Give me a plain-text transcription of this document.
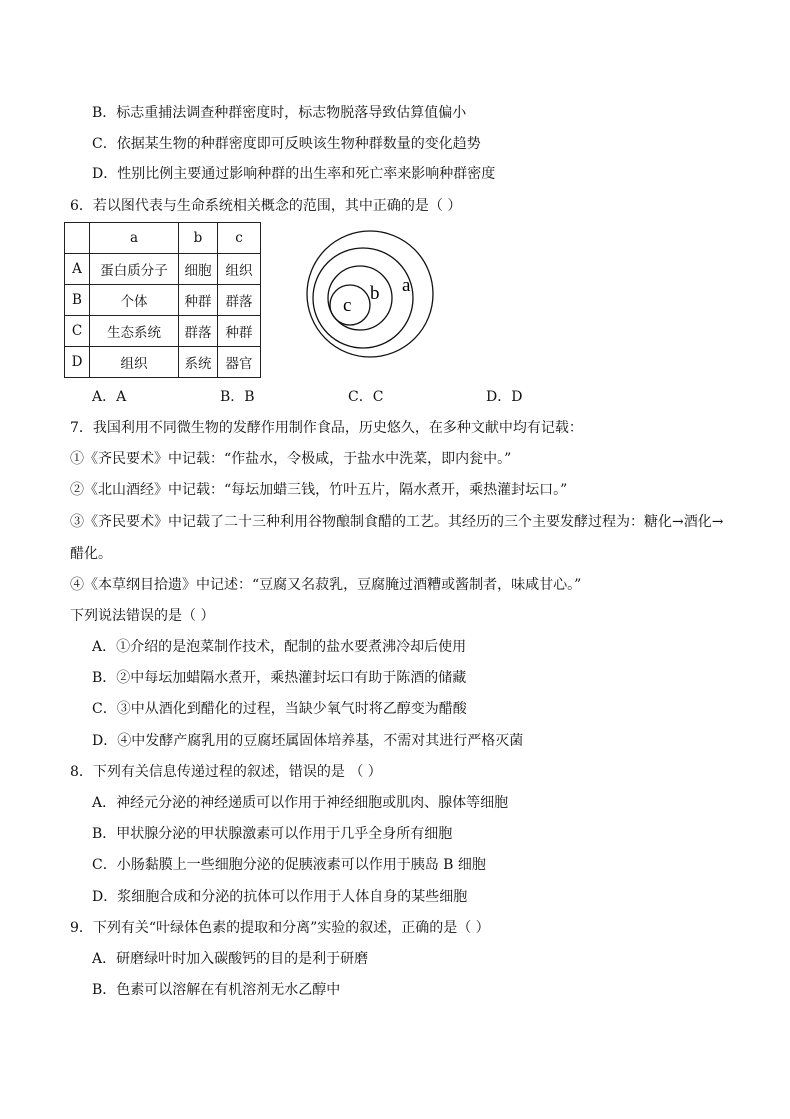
B．标志重捕法调查种群密度时，标志物脱落导致估算值偏小
C．依据某生物的种群密度即可反映该生物种群数量的变化趋势
D．性别比例主要通过影响种群的出生率和死亡率来影响种群密度
6．若以图代表与生命系统相关概念的范围，其中正确的是（ ）
	a	b	c
A	蛋白质分子	细胞	组织
B	个体	种群	群落
C	生态系统	群落	种群
D	组织	系统	器官
a
b
c
A．A	B．B	C．C	D．D
7．我国利用不同微生物的发酵作用制作食品，历史悠久，在多种文献中均有记载：
①《齐民要术》中记载：“作盐水，令极咸，于盐水中洗菜，即内瓮中。”
②《北山酒经》中记载：“每坛加蜡三钱，竹叶五片，隔水煮开，乘热灌封坛口。”
③《齐民要术》中记载了二十三种利用谷物酿制食醋的工艺。其经历的三个主要发酵过程为：糖化→酒化→
醋化。
④《本草纲目拾遗》中记述：“豆腐又名菽乳，豆腐腌过酒糟或酱制者，味咸甘心。”
下列说法错误的是（ ）
A．①介绍的是泡菜制作技术，配制的盐水要煮沸冷却后使用
B．②中每坛加蜡隔水煮开，乘热灌封坛口有助于陈酒的储藏
C．③中从酒化到醋化的过程，当缺少氧气时将乙醇变为醋酸
D．④中发酵产腐乳用的豆腐坯属固体培养基，不需对其进行严格灭菌
8．下列有关信息传递过程的叙述，错误的是 （ ）
A．神经元分泌的神经递质可以作用于神经细胞或肌肉、腺体等细胞
B．甲状腺分泌的甲状腺激素可以作用于几乎全身所有细胞
C．小肠黏膜上一些细胞分泌的促胰液素可以作用于胰岛 B 细胞
D．浆细胞合成和分泌的抗体可以作用于人体自身的某些细胞
9．下列有关“叶绿体色素的提取和分离”实验的叙述，正确的是（ ）
A．研磨绿叶时加入碳酸钙的目的是利于研磨
B．色素可以溶解在有机溶剂无水乙醇中
